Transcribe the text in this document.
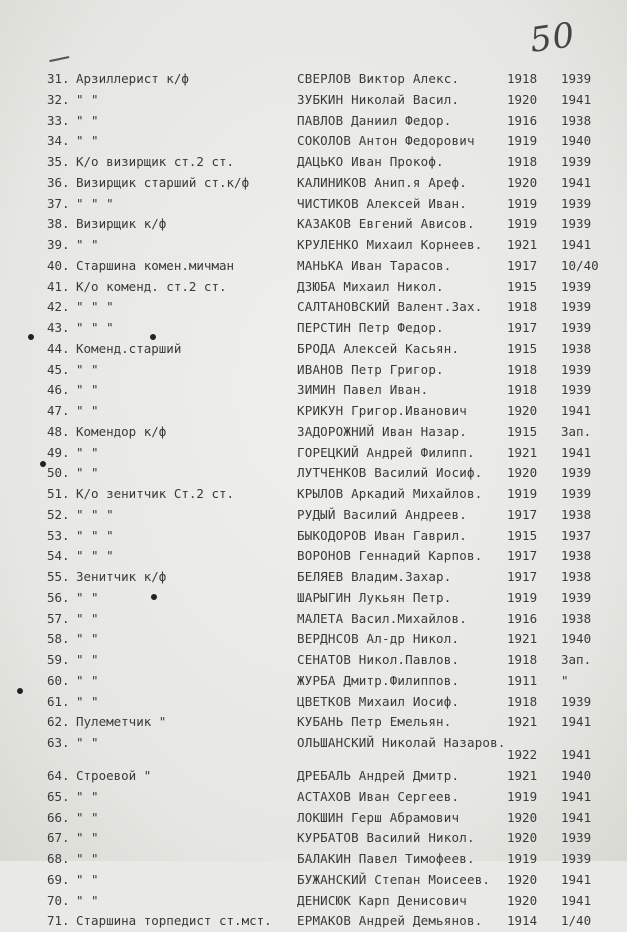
50
31. Арзиллерист к/ф	СВЕРЛОВ Виктор Алекс.	1918 1939
32. " "	ЗУБКИН Николай Васил.	1920 1941
33. " "	ПАВЛОВ Даниил Федор.	1916 1938
34. " "	СОКОЛОВ Антон Федорович	1919 1940
35. К/о визирщик ст.2 ст.	ДАЦЬКО Иван Прокоф.	1918 1939
36. Визирщик старший ст.к/ф	КАЛИНИКОВ Анип.я Ареф.	1920 1941
37. " " "	ЧИСТИКОВ Алексей Иван.	1919 1939
38. Визирщик к/ф	КАЗАКОВ Евгений Ависов.	1919 1939
39. " "	КРУЛЕНКО Михаил Корнеев. 1921 1941
40. Старшина комен.мичман	МАНЬКА Иван Тарасов.	1917 10/40
41. К/о коменд. ст.2 ст.	ДЗЮБА Михаил Никол.	1915 1939
42. " " "	САЛТАНОВСКИЙ Валент.Зах. 1918 1939
43. " " "	ПЕРСТИН Петр Федор.	1917 1939
44. Коменд.старший	БРОДА Алексей Касьян.	1915 1938
45. " "	ИВАНОВ Петр Григор.	1918 1939
46. " "	ЗИМИН Павел Иван.	1918 1939
47. " "	КРИКУН Григор.Иванович	1920 1941
48. Комендор к/ф	ЗАДОРОЖНИЙ Иван Назар.	1915 Зап.
49. " "	ГОРЕЦКИЙ Андрей Филипп.	1921 1941
50. " "	ЛУТЧЕНКОВ Василий Иосиф. 1920 1939
51. К/о зенитчик Ст.2 ст.	КРЫЛОВ Аркадий Михайлов. 1919 1939
52. " " "	РУДЫЙ Василий Андреев.	1917 1938
53. " " "	БЫКОДОРОВ Иван Гаврил.	1915 1937
54. " " "	ВОРОНОВ Геннадий Карпов. 1917 1938
55. Зенитчик к/ф	БЕЛЯЕВ Владим.Захар.	1917 1938
56. " "	ШАРЫГИН Лукьян Петр.	1919 1939
57. " "	МАЛЕТА Васил.Михайлов.	1916 1938
58. " "	ВЕРДНСОВ Ал-др Никол.	1921 1940
59. " "	СЕНАТОВ Никол.Павлов.	1918 Зап.
60. " "	ЖУРБА Дмитр.Филиппов.	1911 "
61. " "	ЦВЕТКОВ Михаил Иосиф.	1918 1939
62. Пулеметчик "	КУБАНЬ Петр Емельян.	1921 1941
63. " "	ОЛЬШАНСКИЙ Николай Назаров.
1922 1941
64. Строевой "	ДРЕБАЛЬ Андрей Дмитр.	1921 1940
65. " "	АСТАХОВ Иван Сергеев.	1919 1941
66. " "	ЛОКШИН Герш Абрамович	1920 1941
67. " "	КУРБАТОВ Василий Никол.	1920 1939
68. " "	БАЛАКИН Павел Тимофеев.	1919 1939
69. " "	БУЖАНСКИЙ Степан Моисеев. 1920 1941
70. " "	ДЕНИСЮК Карп Денисович	1920 1941
71. Старшина торпедист ст.мст. ЕРМАКОВ Андрей Демьянов. 1914 1/40
